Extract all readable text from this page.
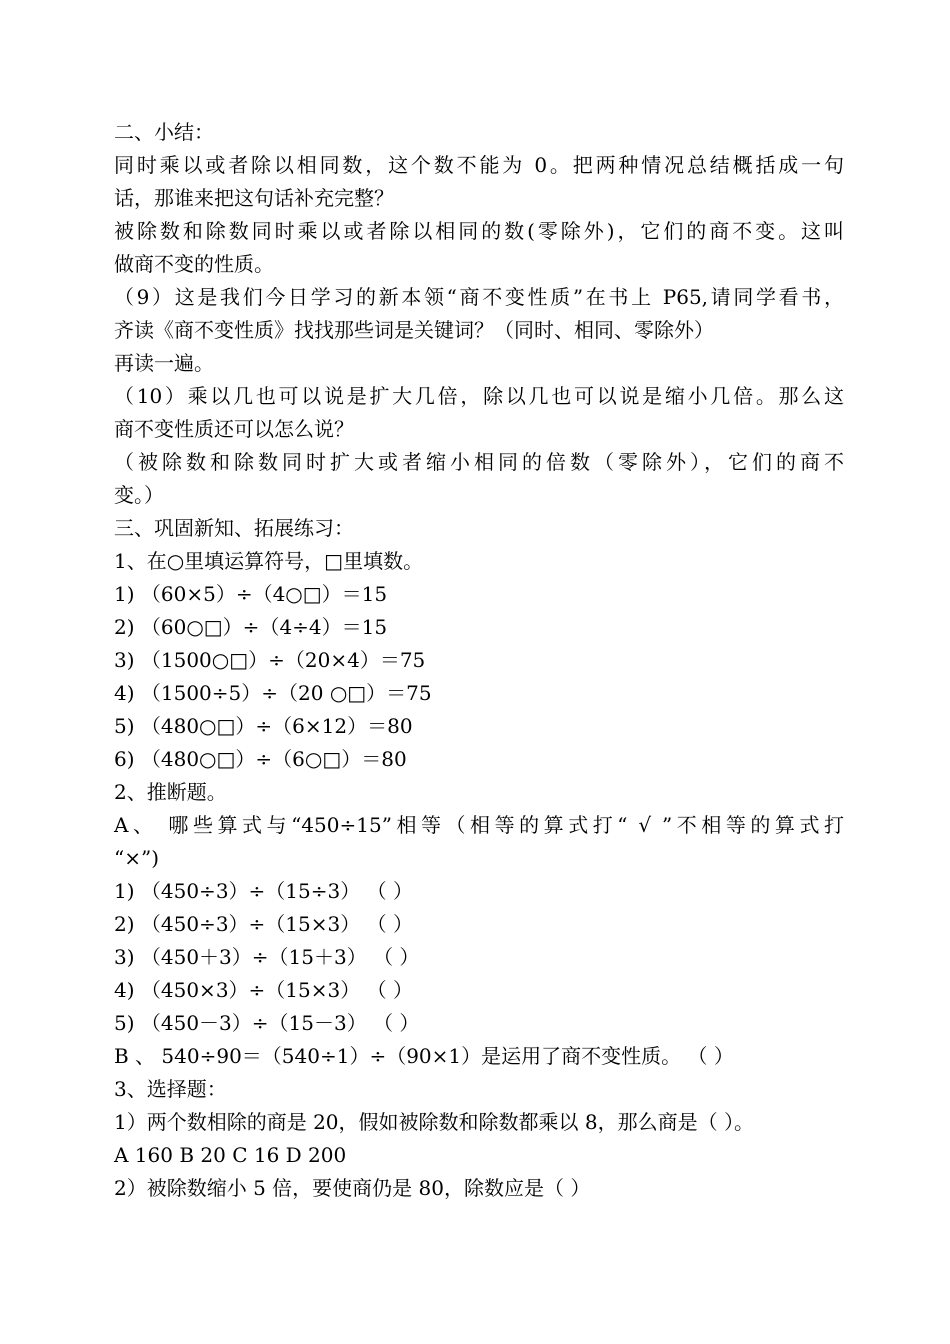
二、小结：
同时乘以或者除以相同数，这个数不能为 0。把两种情况总结概括成一句
话，那谁来把这句话补充完整？
被除数和除数同时乘以或者除以相同的数(零除外)，它们的商不变。这叫
做商不变的性质。
（9）这是我们今日学习的新本领“商不变性质”在书上 P65,请同学看书，
齐读《商不变性质》找找那些词是关键词？（同时、相同、零除外）
再读一遍。
（10）乘以几也可以说是扩大几倍，除以几也可以说是缩小几倍。那么这
商不变性质还可以怎么说？
（被除数和除数同时扩大或者缩小相同的倍数（零除外），它们的商不
变。）
三、巩固新知、拓展练习：
1、在○里填运算符号，□里填数。
1) （60×5）÷（4○□）＝15
2) （60○□）÷（4÷4）＝15
3) （1500○□）÷（20×4）＝75
4) （1500÷5）÷（20 ○□）＝75
5) （480○□）÷（6×12）＝80
6) （480○□）÷（6○□）＝80
2、推断题。
A、 哪些算式与“450÷15”相等（相等的算式打“ √ ”不相等的算式打
“×”)
1) （450÷3）÷（15÷3） （ ）
2) （450÷3）÷（15×3） （ ）
3) （450＋3）÷（15＋3） （ ）
4) （450×3）÷（15×3） （ ）
5) （450－3）÷（15－3） （ ）
B 、 540÷90＝（540÷1）÷（90×1）是运用了商不变性质。 （ ）
3、选择题：
1）两个数相除的商是 20，假如被除数和除数都乘以 8，那么商是（ ）。
A 160 B 20 C 16 D 200
2）被除数缩小 5 倍，要使商仍是 80，除数应是（ ）
